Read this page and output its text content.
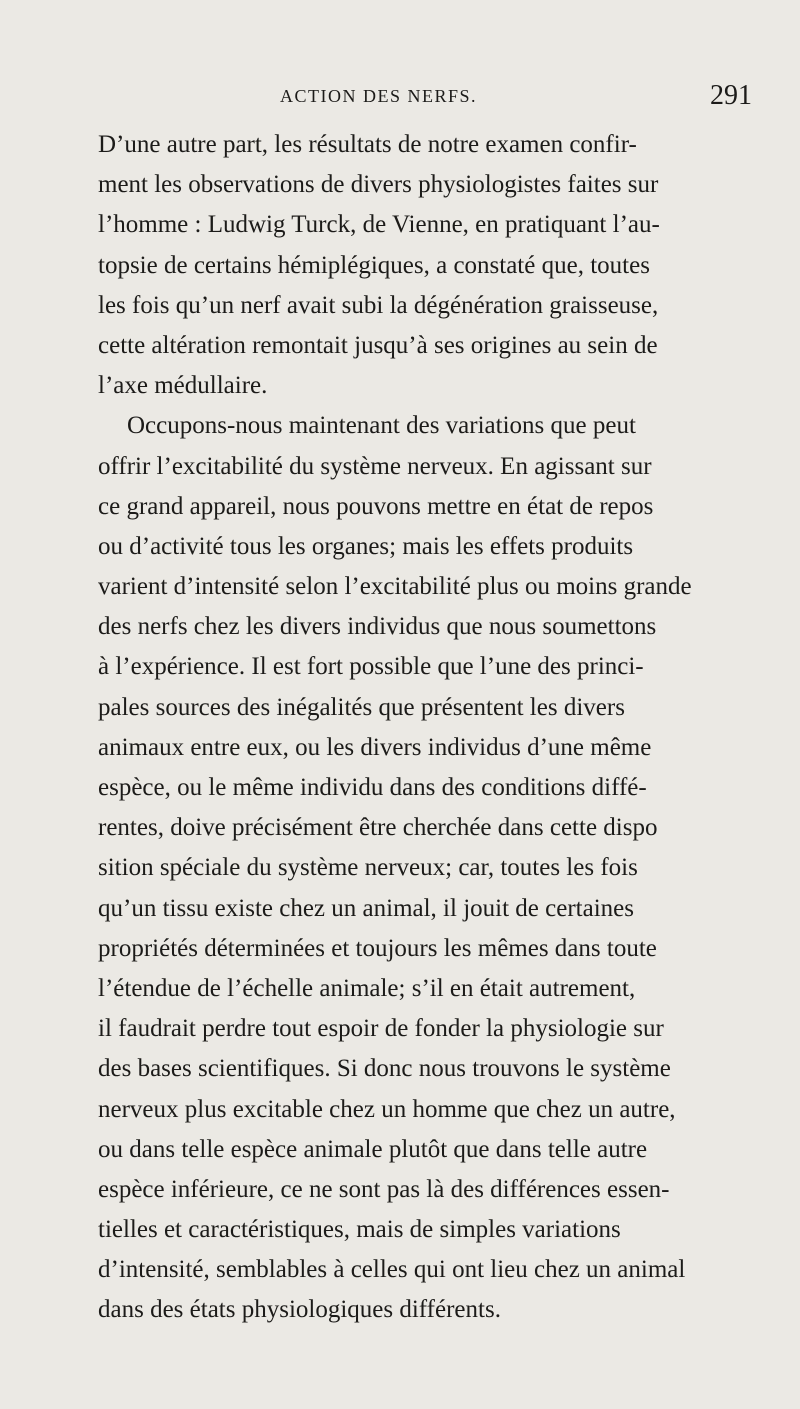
ACTION DES NERFS.	291
D’une autre part, les résultats de notre examen confir-
ment les observations de divers physiologistes faites sur
l’homme : Ludwig Turck, de Vienne, en pratiquant l’au-
topsie de certains hémiplégiques, a constaté que, toutes
les fois qu’un nerf avait subi la dégénération graisseuse,
cette altération remontait jusqu’à ses origines au sein de
l’axe médullaire.
Occupons-nous maintenant des variations que peut
offrir l’excitabilité du système nerveux. En agissant sur
ce grand appareil, nous pouvons mettre en état de repos
ou d’activité tous les organes; mais les effets produits
varient d’intensité selon l’excitabilité plus ou moins grande
des nerfs chez les divers individus que nous soumettons
à l’expérience. Il est fort possible que l’une des princi-
pales sources des inégalités que présentent les divers
animaux entre eux, ou les divers individus d’une même
espèce, ou le même individu dans des conditions diffé-
rentes, doive précisément être cherchée dans cette dispo
sition spéciale du système nerveux; car, toutes les fois
qu’un tissu existe chez un animal, il jouit de certaines
propriétés déterminées et toujours les mêmes dans toute
l’étendue de l’échelle animale; s’il en était autrement,
il faudrait perdre tout espoir de fonder la physiologie sur
des bases scientifiques. Si donc nous trouvons le système
nerveux plus excitable chez un homme que chez un autre,
ou dans telle espèce animale plutôt que dans telle autre
espèce inférieure, ce ne sont pas là des différences essen-
tielles et caractéristiques, mais de simples variations
d’intensité, semblables à celles qui ont lieu chez un animal
dans des états physiologiques différents.
